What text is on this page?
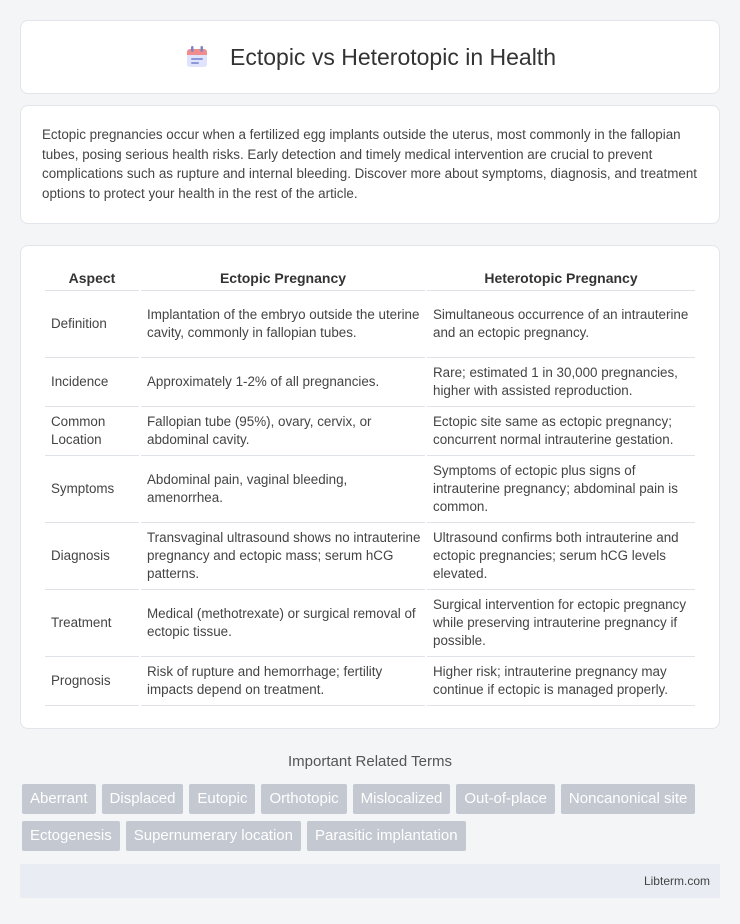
Ectopic vs Heterotopic in Health
Ectopic pregnancies occur when a fertilized egg implants outside the uterus, most commonly in the fallopian tubes, posing serious health risks. Early detection and timely medical intervention are crucial to prevent complications such as rupture and internal bleeding. Discover more about symptoms, diagnosis, and treatment options to protect your health in the rest of the article.
Aspect	Ectopic Pregnancy	Heterotopic Pregnancy
Definition	Implantation of the embryo outside the uterine cavity, commonly in fallopian tubes.	Simultaneous occurrence of an intrauterine and an ectopic pregnancy.
Incidence	Approximately 1-2% of all pregnancies.	Rare; estimated 1 in 30,000 pregnancies, higher with assisted reproduction.
Common Location	Fallopian tube (95%), ovary, cervix, or abdominal cavity.	Ectopic site same as ectopic pregnancy; concurrent normal intrauterine gestation.
Symptoms	Abdominal pain, vaginal bleeding, amenorrhea.	Symptoms of ectopic plus signs of intrauterine pregnancy; abdominal pain is common.
Diagnosis	Transvaginal ultrasound shows no intrauterine pregnancy and ectopic mass; serum hCG patterns.	Ultrasound confirms both intrauterine and ectopic pregnancies; serum hCG levels elevated.
Treatment	Medical (methotrexate) or surgical removal of ectopic tissue.	Surgical intervention for ectopic pregnancy while preserving intrauterine pregnancy if possible.
Prognosis	Risk of rupture and hemorrhage; fertility impacts depend on treatment.	Higher risk; intrauterine pregnancy may continue if ectopic is managed properly.
Important Related Terms
Aberrant	Displaced	Eutopic	Orthotopic	Mislocalized	Out-of-place	Noncanonical site
Ectogenesis	Supernumerary location	Parasitic implantation
Libterm.com
